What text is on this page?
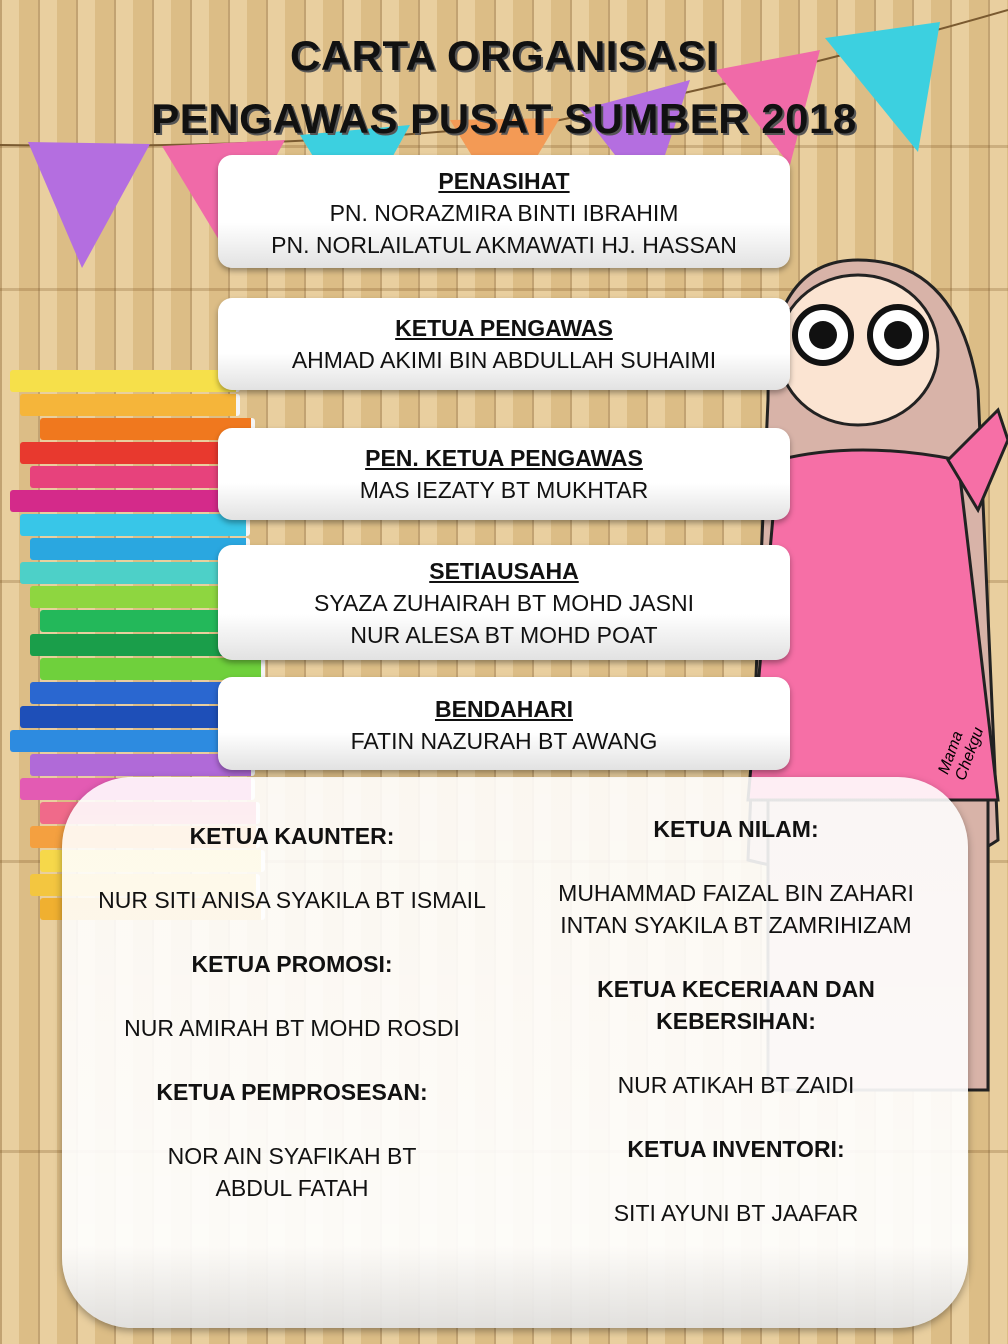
Mama Chekgu
CARTA ORGANISASI
PENGAWAS PUSAT SUMBER 2018
PENASIHAT
PN. NORAZMIRA BINTI IBRAHIM
PN. NORLAILATUL AKMAWATI HJ. HASSAN
KETUA PENGAWAS
AHMAD AKIMI BIN ABDULLAH SUHAIMI
PEN. KETUA PENGAWAS
MAS IEZATY BT MUKHTAR
SETIAUSAHA
SYAZA ZUHAIRAH BT MOHD JASNI
NUR ALESA BT MOHD POAT
BENDAHARI
FATIN NAZURAH BT AWANG
KETUA KAUNTER:
NUR SITI ANISA SYAKILA BT ISMAIL
KETUA PROMOSI:
NUR AMIRAH BT MOHD ROSDI
KETUA PEMPROSESAN:
NOR AIN SYAFIKAH BT ABDUL FATAH
KETUA NILAM:
MUHAMMAD FAIZAL BIN ZAHARI
INTAN SYAKILA BT ZAMRIHIZAM
KETUA KECERIAAN DAN KEBERSIHAN:
NUR ATIKAH BT ZAIDI
KETUA INVENTORI:
SITI AYUNI BT JAAFAR
